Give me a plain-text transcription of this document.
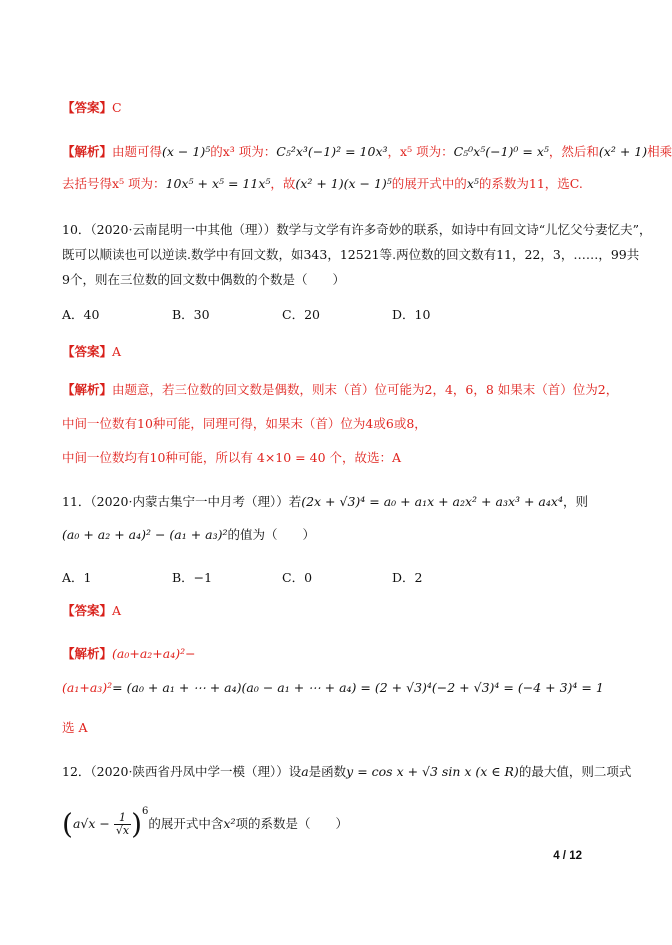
【答案】C
【解析】由题可得(x − 1)⁵的x³ 项为：C₅²x³(−1)² = 10x³，x⁵ 项为：C₅⁰x⁵(−1)⁰ = x⁵，然后和(x² + 1)相乘
去括号得x⁵ 项为：10x⁵ + x⁵ = 11x⁵，故(x² + 1)(x − 1)⁵的展开式中的x⁵的系数为11，选C.
10．（2020·云南昆明一中其他（理））数学与文学有许多奇妙的联系，如诗中有回文诗“儿忆父兮妻忆夫”，
既可以顺读也可以逆读.数学中有回文数，如343，12521等.两位数的回文数有11，22，3，……，99共
9个，则在三位数的回文数中偶数的个数是（　　）
A．40	B．30	C．20	D．10
【答案】A
【解析】由题意，若三位数的回文数是偶数，则末（首）位可能为2，4，6，8 如果末（首）位为2，
中间一位数有10种可能，同理可得，如果末（首）位为4或6或8，
中间一位数均有10种可能，所以有 4×10 = 40 个，故选：A
11．（2020·内蒙古集宁一中月考（理））若(2x + √3)⁴ = a₀ + a₁x + a₂x² + a₃x³ + a₄x⁴，则
(a₀ + a₂ + a₄)² − (a₁ + a₃)²的值为（　　）
A．1	B．−1	C．0	D．2
【答案】A
【解析】(a₀+a₂+a₄)²−
(a₁+a₃)²= (a₀ + a₁ + ⋯ + a₄)(a₀ − a₁ + ⋯ + a₄) = (2 + √3)⁴(−2 + √3)⁴ = (−4 + 3)⁴ = 1
选 A
12．（2020·陕西省丹凤中学一模（理））设a是函数y = cos x + √3 sin x (x ∈ R)的最大值，则二项式
$(a√x - \frac{1}{√x} )^6$的展开式中含x²项的系数是（　　）
4 / 12
